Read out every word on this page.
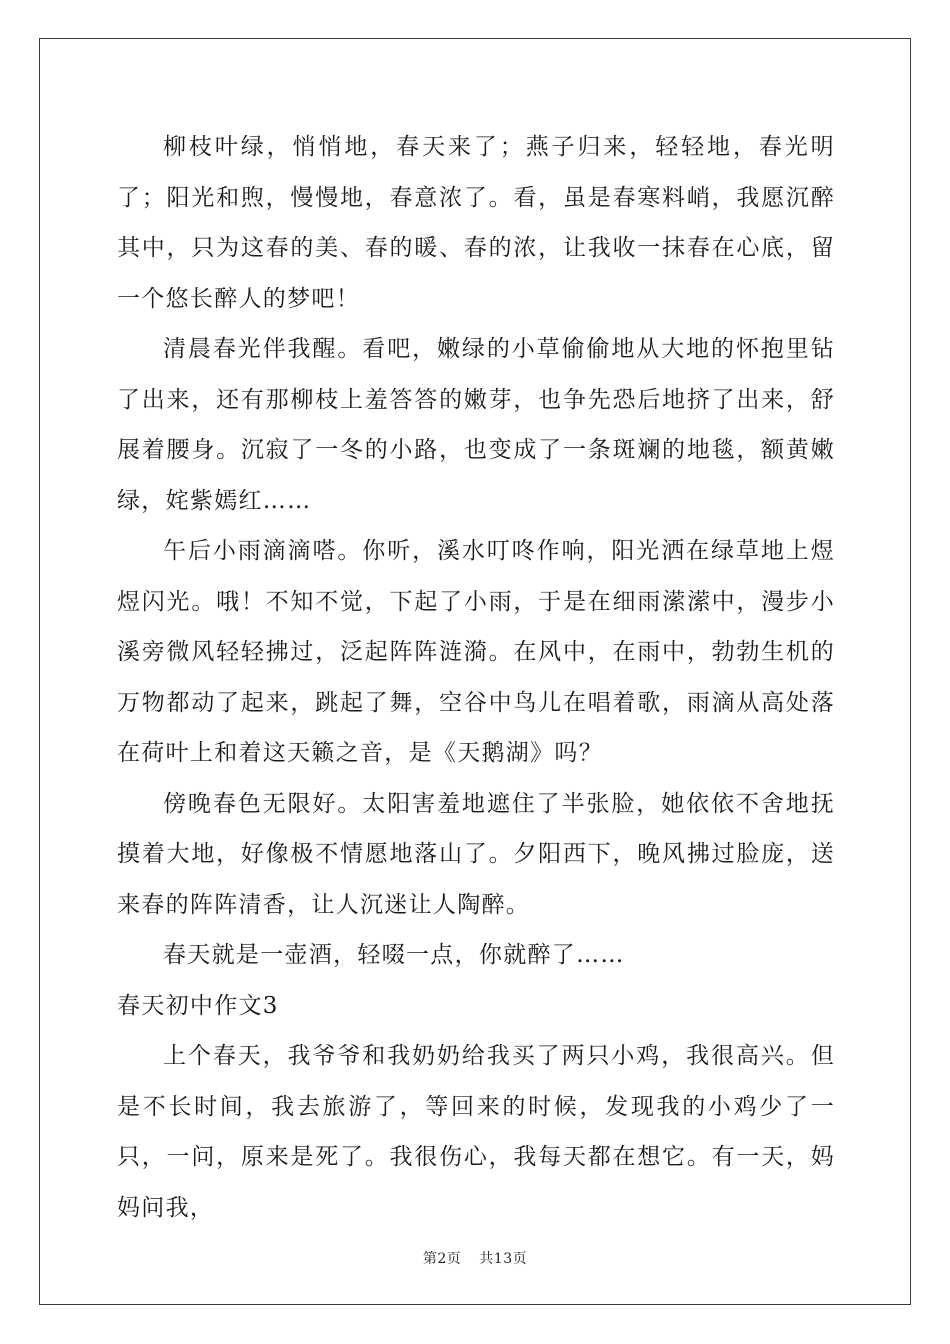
柳枝叶绿，悄悄地，春天来了；燕子归来，轻轻地，春光明了；阳光和煦，慢慢地，春意浓了。看，虽是春寒料峭，我愿沉醉其中，只为这春的美、春的暖、春的浓，让我收一抹春在心底，留一个悠长醉人的梦吧！

清晨春光伴我醒。看吧，嫩绿的小草偷偷地从大地的怀抱里钻了出来，还有那柳枝上羞答答的嫩芽，也争先恐后地挤了出来，舒展着腰身。沉寂了一冬的小路，也变成了一条斑斓的地毯，额黄嫩绿，姹紫嫣红……

午后小雨滴滴嗒。你听，溪水叮咚作响，阳光洒在绿草地上煜煜闪光。哦！不知不觉，下起了小雨，于是在细雨潆潆中，漫步小溪旁微风轻轻拂过，泛起阵阵涟漪。在风中，在雨中，勃勃生机的万物都动了起来，跳起了舞，空谷中鸟儿在唱着歌，雨滴从高处落在荷叶上和着这天籁之音，是《天鹅湖》吗？

傍晚春色无限好。太阳害羞地遮住了半张脸，她依依不舍地抚摸着大地，好像极不情愿地落山了。夕阳西下，晚风拂过脸庞，送来春的阵阵清香，让人沉迷让人陶醉。

春天就是一壶酒，轻啜一点，你就醉了……

春天初中作文3

上个春天，我爷爷和我奶奶给我买了两只小鸡，我很高兴。但是不长时间，我去旅游了，等回来的时候，发现我的小鸡少了一只，一问，原来是死了。我很伤心，我每天都在想它。有一天，妈妈问我，

第2页 共13页
